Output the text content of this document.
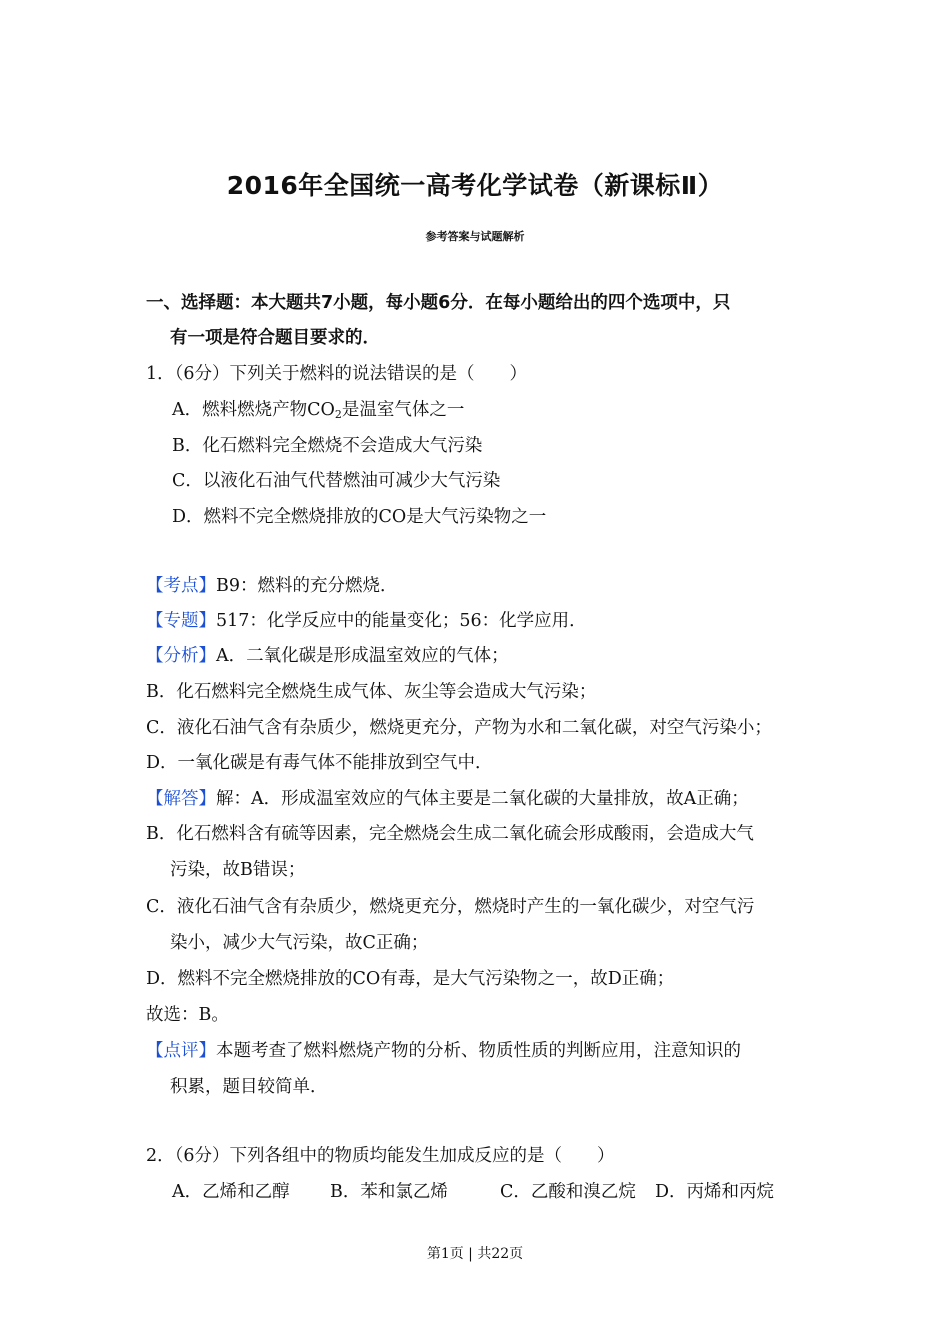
2016年全国统一高考化学试卷（新课标Ⅱ）
参考答案与试题解析
一、选择题：本大题共7小题，每小题6分．在每小题给出的四个选项中，只
有一项是符合题目要求的．
1．（6分）下列关于燃料的说法错误的是（　　）
A．燃料燃烧产物$CO_2$是温室气体之一
B．化石燃料完全燃烧不会造成大气污染
C．以液化石油气代替燃油可减少大气污染
D．燃料不完全燃烧排放的CO是大气污染物之一
【考点】B9：燃料的充分燃烧．
【专题】517：化学反应中的能量变化；56：化学应用．
【分析】A．二氧化碳是形成温室效应的气体；
B．化石燃料完全燃烧生成气体、灰尘等会造成大气污染；
C．液化石油气含有杂质少，燃烧更充分，产物为水和二氧化碳，对空气污染小；
D．一氧化碳是有毒气体不能排放到空气中．
【解答】解：A．形成温室效应的气体主要是二氧化碳的大量排放，故A正确；
B．化石燃料含有硫等因素，完全燃烧会生成二氧化硫会形成酸雨，会造成大气
污染，故B错误；
C．液化石油气含有杂质少，燃烧更充分，燃烧时产生的一氧化碳少，对空气污
染小，减少大气污染，故C正确；
D．燃料不完全燃烧排放的CO有毒，是大气污染物之一，故D正确；
故选：B。
【点评】本题考查了燃料燃烧产物的分析、物质性质的判断应用，注意知识的
积累，题目较简单．
2．（6分）下列各组中的物质均能发生加成反应的是（　　）
A．乙烯和乙醇 B．苯和氯乙烯	C．乙酸和溴乙烷 D．丙烯和丙烷
第1页 | 共22页
